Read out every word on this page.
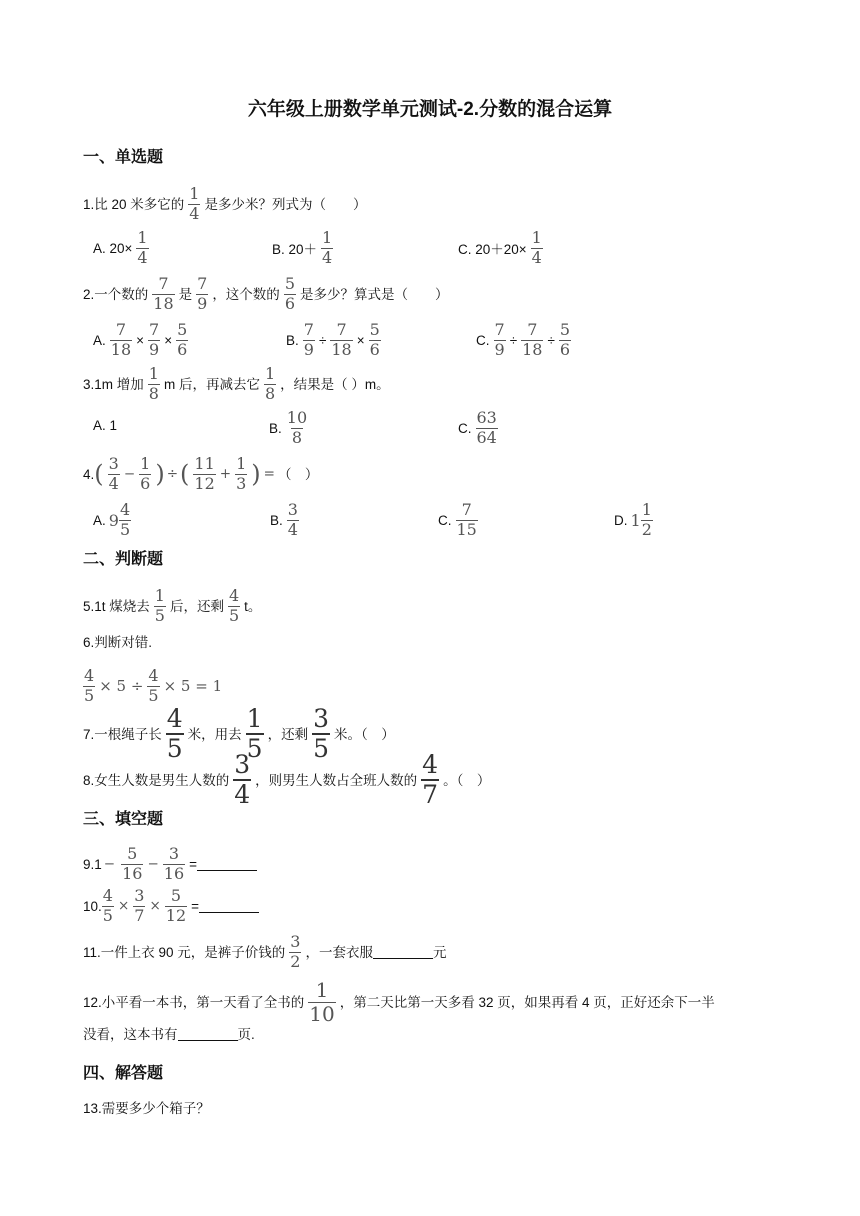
六年级上册数学单元测试-2.分数的混合运算
一、单选题
1.比 20 米多它的 $\frac{1}{4}$ 是多少米？列式为（　　）
A. $20\times \frac{1}{4}$	B. $20+ \frac{1}{4}$	C. $20+20\times \frac{1}{4}$
2.一个数的 $\frac{7}{18}$ 是 $\frac{7}{9}$ ，这个数的 $\frac{5}{6}$ 是多少？算式是（　　）
A. $\frac{7}{18} \times \frac{7}{9} \times \frac{5}{6}$	B. $\frac{7}{9} \div \frac{7}{18} \times \frac{5}{6}$	C. $\frac{7}{9} \div \frac{7}{18} \div \frac{5}{6}$
3.1m 增加 $\frac{1}{8}$ m 后，再减去它 $\frac{1}{8}$ ，结果是（ ）m。
A. 1	B. $\frac{10}{8}$	C. $\frac{63}{64}$
4. ( $\frac{3}{4} - \frac{1}{6}$ ) ÷ ( $\frac{11}{12} + \frac{1}{3}$ ) = （　）
A. $9 \frac{4}{5}$	B. $\frac{3}{4}$	C. $\frac{7}{15}$	D. $1 \frac{1}{2}$
二、判断题
5.1t 煤烧去 $\frac{1}{5}$ 后，还剩 $\frac{4}{5}$ t。
6.判断对错.
$\frac{4}{5} \times 5 \div \frac{4}{5} \times 5 = 1$
7.一根绳子长 $\frac{4}{5}$ 米，用去 $\frac{1}{5}$ ，还剩 $\frac{3}{5}$ 米。（　）
8.女生人数是男生人数的 $\frac{3}{4}$ ，则男生人数占全班人数的 $\frac{4}{7}$ 。（　）
三、填空题
$9.1 - \frac{5}{16} - \frac{3}{16}$ =
10. $\frac{4}{5} \times \frac{3}{7} \times \frac{5}{12}$ =
11.一件上衣 90 元，是裤子价钱的 $\frac{3}{2}$ ，一套衣服	元
12.小平看一本书，第一天看了全书的 $\frac{1}{10}$ ，第二天比第一天多看 32 页，如果再看 4 页，正好还余下一半
没看，这本书有	页.
四、解答题
13.需要多少个箱子？
